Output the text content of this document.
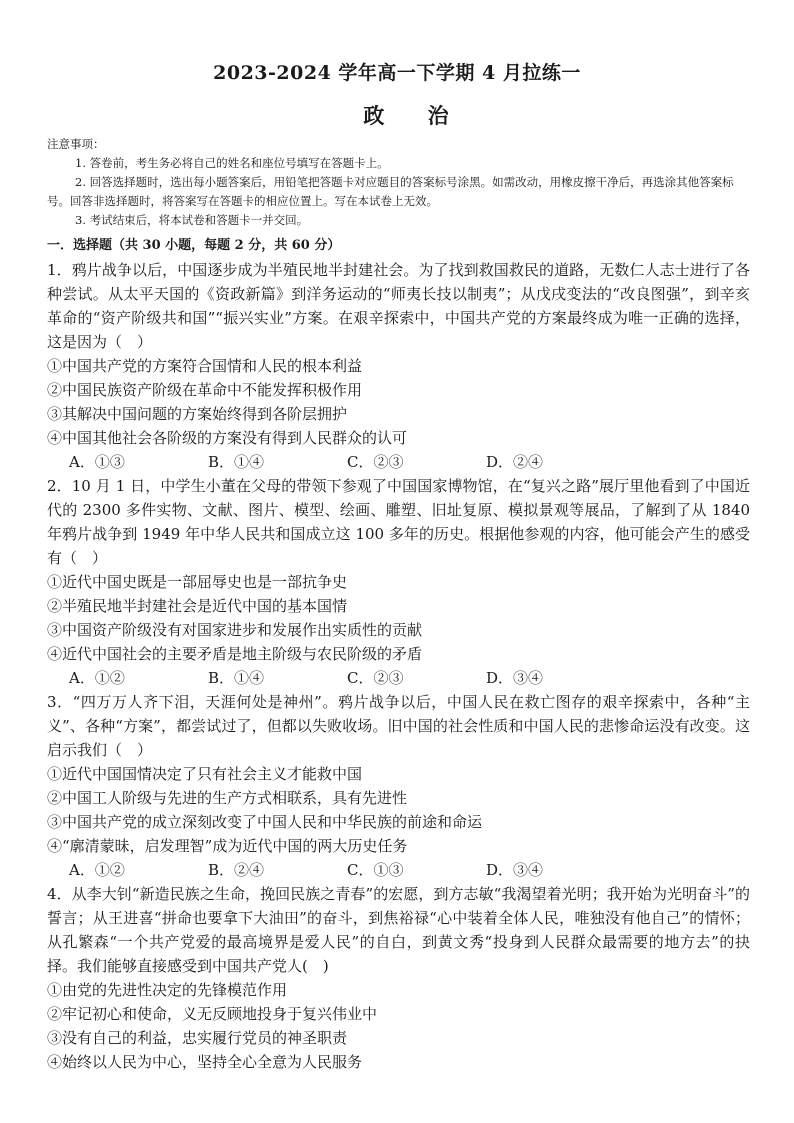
2023-2024 学年高一下学期 4 月拉练一
政 治
注意事项：
1. 答卷前，考生务必将自己的姓名和座位号填写在答题卡上。
2. 回答选择题时，选出每小题答案后，用铅笔把答题卡对应题目的答案标号涂黑。如需改动，用橡皮擦干净后，再选涂其他答案标号。回答非选择题时，将答案写在答题卡的相应位置上。写在本试卷上无效。
3. 考试结束后，将本试卷和答题卡一并交回。
一．选择题（共 30 小题，每题 2 分，共 60 分）
1．鸦片战争以后，中国逐步成为半殖民地半封建社会。为了找到救国救民的道路，无数仁人志士进行了各种尝试。从太平天国的《资政新篇》到洋务运动的“师夷长技以制夷”；从戊戌变法的“改良图强”，到辛亥革命的“资产阶级共和国”“振兴实业”方案。在艰辛探索中，中国共产党的方案最终成为唯一正确的选择，这是因为（　）
①中国共产党的方案符合国情和人民的根本利益
②中国民族资产阶级在革命中不能发挥积极作用
③其解决中国问题的方案始终得到各阶层拥护
④中国其他社会各阶级的方案没有得到人民群众的认可
A．①③	B．①④	C．②③	D．②④
2．10 月 1 日，中学生小董在父母的带领下参观了中国国家博物馆，在“复兴之路”展厅里他看到了中国近代的 2300 多件实物、文献、图片、模型、绘画、雕塑、旧址复原、模拟景观等展品，了解到了从 1840 年鸦片战争到 1949 年中华人民共和国成立这 100 多年的历史。根据他参观的内容，他可能会产生的感受有（　）
①近代中国史既是一部屈辱史也是一部抗争史
②半殖民地半封建社会是近代中国的基本国情
③中国资产阶级没有对国家进步和发展作出实质性的贡献
④近代中国社会的主要矛盾是地主阶级与农民阶级的矛盾
A．①②	B．①④	C．②③	D．③④
3．“四万万人齐下泪，天涯何处是神州”。鸦片战争以后，中国人民在救亡图存的艰辛探索中，各种“主义”、各种“方案”，都尝试过了，但都以失败收场。旧中国的社会性质和中国人民的悲惨命运没有改变。这启示我们（　）
①近代中国国情决定了只有社会主义才能救中国
②中国工人阶级与先进的生产方式相联系，具有先进性
③中国共产党的成立深刻改变了中国人民和中华民族的前途和命运
④“廓清蒙昧，启发理智”成为近代中国的两大历史任务
A．①②	B．②④	C．①③	D．③④
4．从李大钊“新造民族之生命，挽回民族之青春”的宏愿，到方志敏“我渴望着光明；我开始为光明奋斗”的誓言；从王进喜“拼命也要拿下大油田”的奋斗，到焦裕禄“心中装着全体人民，唯独没有他自己”的情怀；从孔繁森“一个共产党爱的最高境界是爱人民”的自白，到黄文秀“投身到人民群众最需要的地方去”的抉择。我们能够直接感受到中国共产党人(　)
①由党的先进性决定的先锋模范作用
②牢记初心和使命，义无反顾地投身于复兴伟业中
③没有自己的利益，忠实履行党员的神圣职责
④始终以人民为中心，坚持全心全意为人民服务
